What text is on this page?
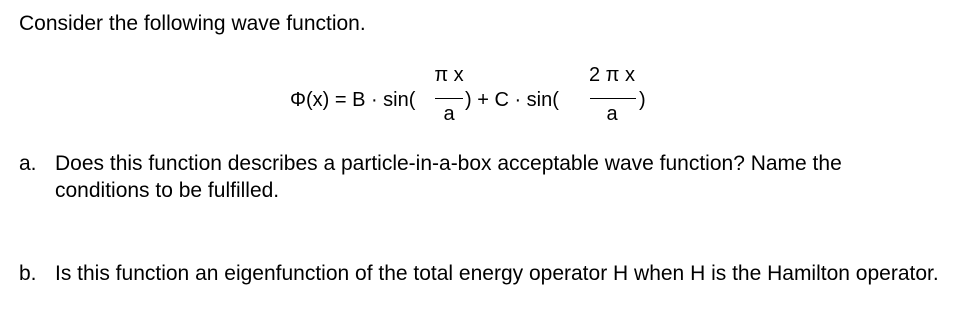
Consider the following wave function.
Φ(x) = B · sin(
π x
a
) + C · sin(
2 π x
a
)
a. Does this function describes a particle-in-a-box acceptable wave function? Name the conditions to be fulfilled.
b. Is this function an eigenfunction of the total energy operator H when H is the Hamilton operator.
